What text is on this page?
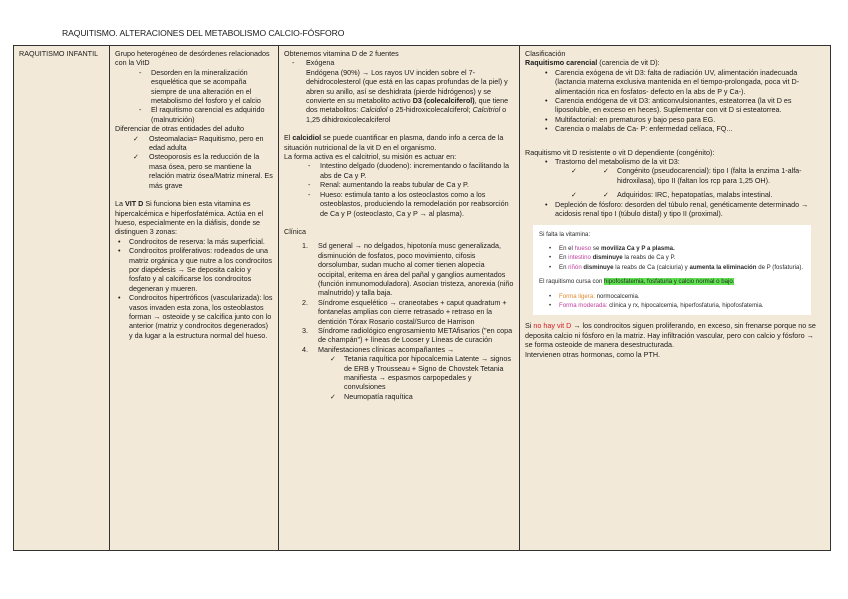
RAQUITISMO. ALTERACIONES DEL METABOLISMO CALCIO-FÓSFORO

RAQUITISMO INFANTIL	Grupo heterogéneo de desórdenes relacionados con la VitD

- Desorden en la mineralización esquelética que se acompaña siempre de una alteración en el metabolismo del fosforo y el calcio
- El raquitismo carencial es adquirido (malnutrición)

Diferenciar de otras entidades del adulto

✓ Osteomalacia= Raquitismo, pero en edad adulta
✓ Osteoporosis es la reducción de la masa ósea, pero se mantiene la relación matriz ósea/Matriz mineral. Es más grave

La VIT D Si funciona bien esta vitamina es hipercalcémica e hiperfosfatémica. Actúa en el hueso, especialmente en la diáfisis, donde se distinguen 3 zonas:

• Condrocitos de reserva: la más superficial.
• Condrocitos proliferativos: rodeados de una matriz orgánica y que nutre a los condrocitos por diapédesis → Se deposita calcio y fosfato y al calcificarse los condrocitos degeneran y mueren.
• Condrocitos hipertróficos (vascularizada): los vasos invaden esta zona, los osteoblastos forman → osteoide y se calcifica junto con lo anterior (matriz y condrocitos degenerados) y da lugar a la estructura normal del hueso.

Obtenemos vitamina D de 2 fuentes

- - Exógena
- Endógena (90%) → Los rayos UV inciden sobre el 7-dehidrocolesterol (que está en las capas profundas de la piel) y abren su anillo, así se deshidrata (pierde hidrógenos) y se convierte en su metabolito activo D3 (colecalciferol), que tiene dos metabolitos: Calcidiol o 25-hidroxicolecalciferol; Calcitriol o 1,25 dihidroxicolecalciferol

El calcidiol se puede cuantificar en plasma, dando info a cerca de la situación nutricional de la vit D en el organismo.

La forma activa es el calcitriol, su misión es actuar en:

- Intestino delgado (duodeno): incrementando o facilitando la abs de Ca y P.
- Renal: aumentando la reabs tubular de Ca y P.
- Hueso: estimula tanto a los osteoclastos como a los osteoblastos, produciendo la remodelación por reabsorción de Ca y P (osteoclasto, Ca y P → al plasma).

Clínica

1. Sd general → no delgados, hipotonía musc generalizada, disminución de fosfatos, poco movimiento, cifosis dorsolumbar, sudan mucho al comer tienen alopecia occipital, eritema en área del pañal y ganglios aumentados (función inmunomoduladora). Asocian tristeza, anorexia (niño malnutrido) y talla baja.
2. Síndrome esquelético → craneotabes + caput quadratum + fontanelas amplias con cierre retrasado + retraso en la dentición Tórax Rosario costal/Surco de Harrison
3. Síndrome radiológico engrosamiento METAfisarios ("en copa de champán") + líneas de Looser y Líneas de curación
4. Manifestaciones clínicas acompañantes →
✓ Tetania raquítica por hipocalcemia Latente → signos de ERB y Trousseau + Signo de Chovstek Tetania manifiesta → espasmos carpopedales y convulsiones
✓ Neumopatía raquítica

Clasificación

Raquitismo carencial (carencia de vit D):

• Carencia exógena de vit D3: falta de radiación UV, alimentación inadecuada (lactancia materna exclusiva mantenida en el tiempo-prolongada, poca vit D- alimentación rica en fosfatos- defecto en la abs de P y Ca-).
• Carencia endógena de vit D3: anticonvulsionantes, esteatorrea (la vit D es liposoluble, en exceso en heces). Suplementar con vit D si esteatorrea.
• Multifactorial: en prematuros y bajo peso para EG.
• Carencia o malabs de Ca- P: enfermedad celíaca, FQ...

Raquitismo vit D resistente o vit D dependiente (congénito):

• Trastorno del metabolismo de la vit D3:
✓ ✓ Congénito (pseudocarencial): tipo I (falta la enzima 1-alfa-hidroxilasa), tipo II (faltan los rcp para 1,25 OH).
✓ ✓ Adquiridos: IRC, hepatopatías, malabs intestinal.
• Depleción de fósforo: desorden del túbulo renal, genéticamente determinado → acidosis renal tipo I (túbulo distal) y tipo II (proximal).

Si falta la vitamina:

• En el hueso se moviliza Ca y P a plasma.

• En intestino disminuye la reabs de Ca y P.

• En riñón disminuye la reabs de Ca (calciuria) y aumenta la eliminación de P (fosfaturia).

El raquitismo cursa con hipofosfatemia, fosfaturia y calcio normal o bajo.

• Forma ligera: normocalcemia.

• Forma moderada: clínica y rx, hipocalcemia, hiperfosfaturia, hipofosfatemia.

Si no hay vit D → los condrocitos siguen proliferando, en exceso, sin frenarse porque no se deposita calcio ni fósforo en la matriz. Hay infiltración vascular, pero con calcio y fósforo →

se forma osteoide de manera desestructurada.

Intervienen otras hormonas, como la PTH.
